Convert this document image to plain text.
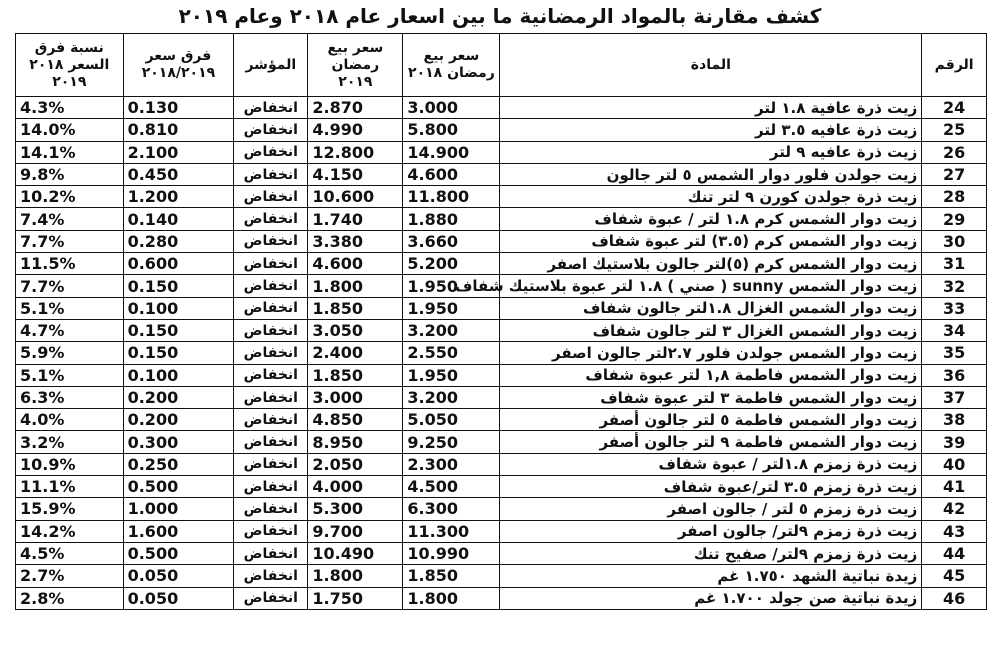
كشف مقارنة بالمواد الرمضانية ما بين اسعار عام ٢٠١٨ وعام ٢٠١٩
الرقم	المادة	سعر بيع رمضان ٢٠١٨	سعر بيع رمضان ٢٠١٩	المؤشر	فرق سعر ٢٠١٨/٢٠١٩	نسبة فرق السعر ٢٠١٨ ٢٠١٩
24	زيت ذرة عافية ١.٨ لتر	3.000	2.870	انخفاض	0.130	4.3%
25	زيت ذرة عافيه ٣.٥ لتر	5.800	4.990	انخفاض	0.810	14.0%
26	زيت ذرة عافيه ٩ لتر	14.900	12.800	انخفاض	2.100	14.1%
27	زيت جولدن فلور دوار الشمس ٥ لتر جالون	4.600	4.150	انخفاض	0.450	9.8%
28	زيت ذرة جولدن كورن ٩ لتر تنك	11.800	10.600	انخفاض	1.200	10.2%
29	زيت دوار الشمس كرم ١.٨ لتر / عبوة شفاف	1.880	1.740	انخفاض	0.140	7.4%
30	زيت دوار الشمس كرم (٣.٥) لتر عبوة شفاف	3.660	3.380	انخفاض	0.280	7.7%
31	زيت دوار الشمس كرم (٥)لتر جالون بلاستيك اصفر	5.200	4.600	انخفاض	0.600	11.5%
32	زيت دوار الشمس sunny ( صني ) ١.٨ لتر عبوة بلاستيك شفاف	1.950	1.800	انخفاض	0.150	7.7%
33	زيت دوار الشمس الغزال ١.٨لتر جالون شفاف	1.950	1.850	انخفاض	0.100	5.1%
34	زيت دوار الشمس الغزال ٣ لتر جالون شفاف	3.200	3.050	انخفاض	0.150	4.7%
35	زيت دوار الشمس جولدن فلور ٢.٧لتر جالون اصفر	2.550	2.400	انخفاض	0.150	5.9%
36	زيت دوار الشمس فاطمة ١,٨ لتر عبوة شفاف	1.950	1.850	انخفاض	0.100	5.1%
37	زيت دوار الشمس فاطمة ٣ لتر عبوة شفاف	3.200	3.000	انخفاض	0.200	6.3%
38	زيت دوار الشمس فاطمة ٥ لتر جالون أصفر	5.050	4.850	انخفاض	0.200	4.0%
39	زيت دوار الشمس فاطمة ٩ لتر جالون أصفر	9.250	8.950	انخفاض	0.300	3.2%
40	زيت ذرة زمزم ١.٨لتر / عبوة شفاف	2.300	2.050	انخفاض	0.250	10.9%
41	زيت ذرة زمزم ٣.٥ لتر/عبوة شفاف	4.500	4.000	انخفاض	0.500	11.1%
42	زيت ذرة زمزم ٥ لتر / جالون اصفر	6.300	5.300	انخفاض	1.000	15.9%
43	زيت ذرة زمزم ٩لتر/ جالون اصفر	11.300	9.700	انخفاض	1.600	14.2%
44	زيت ذرة زمزم ٩لتر/ صفيح تنك	10.990	10.490	انخفاض	0.500	4.5%
45	زيدة نباتية الشهد ١.٧٥٠ غم	1.850	1.800	انخفاض	0.050	2.7%
46	زيدة نباتية صن جولد ١.٧٠٠ غم	1.800	1.750	انخفاض	0.050	2.8%
